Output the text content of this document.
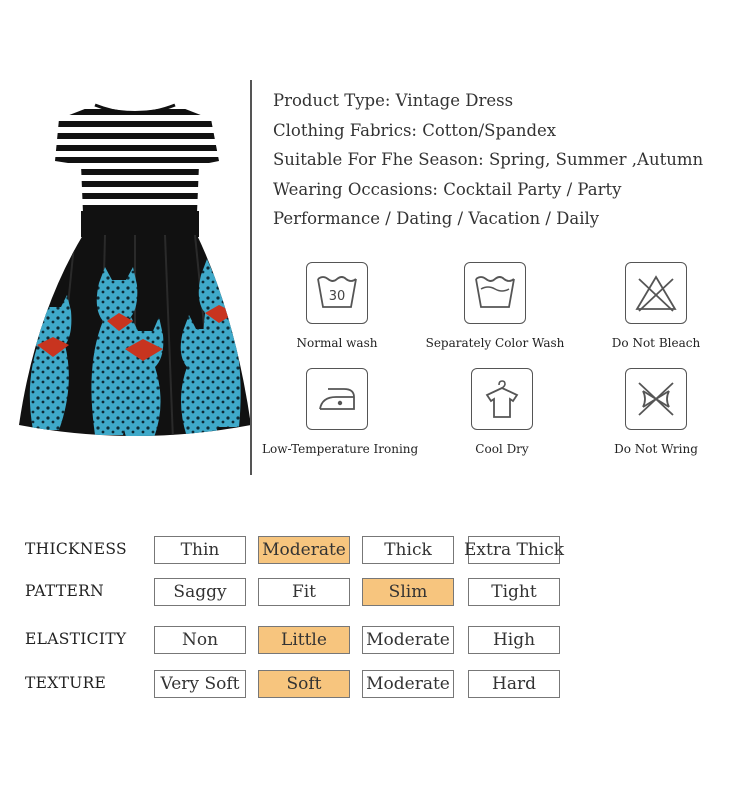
Product Type: Vintage Dress
Clothing Fabrics: Cotton/Spandex
Suitable For Fhe Season: Spring, Summer ,Autumn
Wearing Occasions: Cocktail Party / Party
Performance / Dating / Vacation / Daily
30
Normal wash	Separately Color Wash	Do Not Bleach
Low-Temperature Ironing	Cool Dry	Do Not Wring
THICKNESS	Thin	Moderate	Thick	Extra Thick
PATTERN	Saggy	Fit	Slim	Tight
ELASTICITY	Non	Little	Moderate	High
TEXTURE	Very Soft	Soft	Moderate	Hard
